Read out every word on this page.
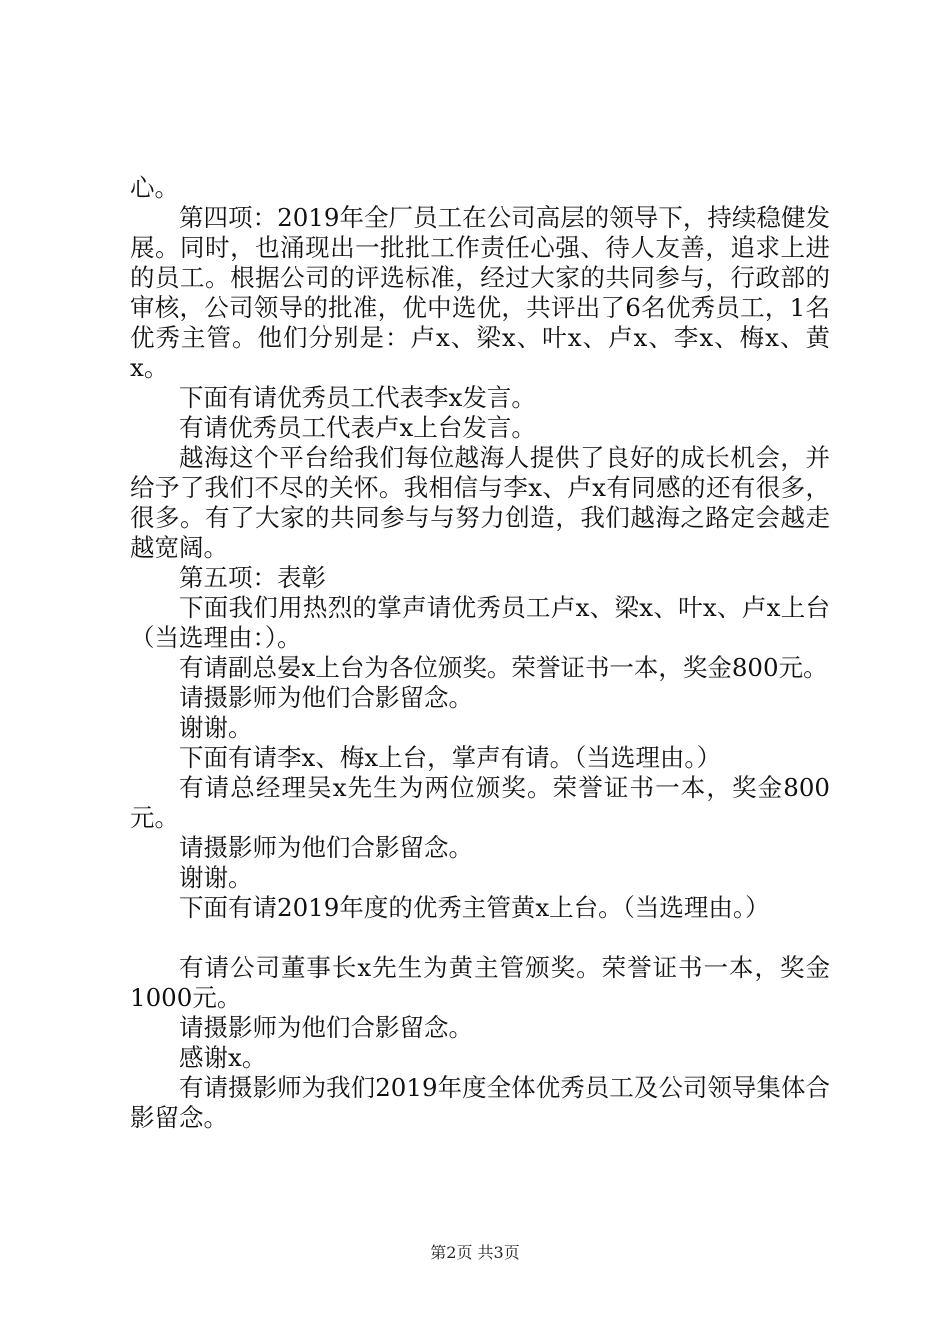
心。

第四项：2019年全厂员工在公司高层的领导下，持续稳健发展。同时，也涌现出一批批工作责任心强、待人友善，追求上进的员工。根据公司的评选标准，经过大家的共同参与，行政部的审核，公司领导的批准，优中选优，共评出了6名优秀员工，1名优秀主管。他们分别是：卢x、梁x、叶x、卢x、李x、梅x、黄x。

下面有请优秀员工代表李x发言。

有请优秀员工代表卢x上台发言。

越海这个平台给我们每位越海人提供了良好的成长机会，并给予了我们不尽的关怀。我相信与李x、卢x有同感的还有很多，很多。有了大家的共同参与与努力创造，我们越海之路定会越走越宽阔。

第五项：表彰

下面我们用热烈的掌声请优秀员工卢x、梁x、叶x、卢x上台（当选理由：）。

有请副总晏x上台为各位颁奖。荣誉证书一本，奖金800元。

请摄影师为他们合影留念。

谢谢。

下面有请李x、梅x上台，掌声有请。（当选理由。）

有请总经理吴x先生为两位颁奖。荣誉证书一本，奖金800元。

请摄影师为他们合影留念。

谢谢。

下面有请2019年度的优秀主管黄x上台。（当选理由。）

有请公司董事长x先生为黄主管颁奖。荣誉证书一本，奖金1000元。

请摄影师为他们合影留念。

感谢x。

有请摄影师为我们2019年度全体优秀员工及公司领导集体合影留念。

第2页 共3页
